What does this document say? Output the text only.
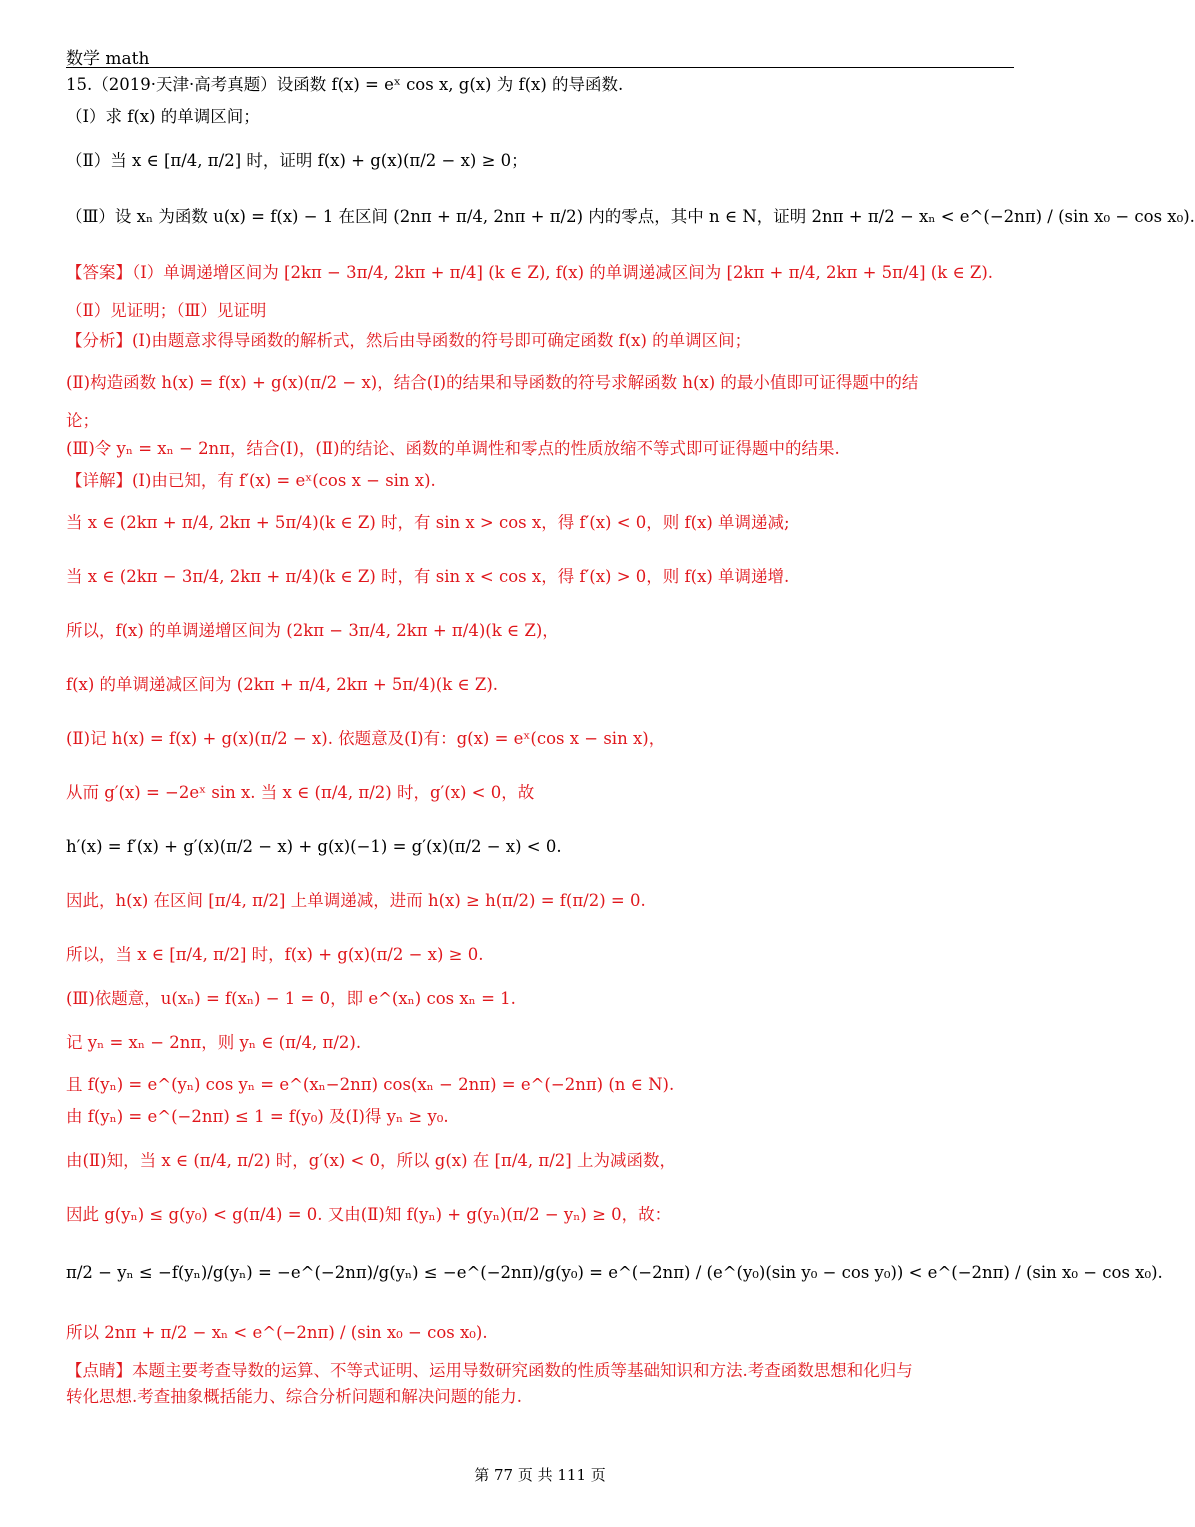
数学 math
15.（2019·天津·高考真题）设函数 f(x) = eˣ cos x, g(x) 为 f(x) 的导函数.
（Ⅰ）求 f(x) 的单调区间；
（Ⅱ）当 x ∈ [π/4, π/2] 时，证明 f(x) + g(x)(π/2 − x) ≥ 0；
（Ⅲ）设 xₙ 为函数 u(x) = f(x) − 1 在区间 (2nπ + π/4, 2nπ + π/2) 内的零点，其中 n ∈ N，证明 2nπ + π/2 − xₙ < e^(−2nπ) / (sin x₀ − cos x₀).
【答案】（Ⅰ）单调递增区间为 [2kπ − 3π/4, 2kπ + π/4] (k ∈ Z), f(x) 的单调递减区间为 [2kπ + π/4, 2kπ + 5π/4] (k ∈ Z).
（Ⅱ）见证明；（Ⅲ）见证明
【分析】(Ⅰ)由题意求得导函数的解析式，然后由导函数的符号即可确定函数 f(x) 的单调区间；
(Ⅱ)构造函数 h(x) = f(x) + g(x)(π/2 − x)，结合(Ⅰ)的结果和导函数的符号求解函数 h(x) 的最小值即可证得题中的结
论；
(Ⅲ)令 yₙ = xₙ − 2nπ，结合(Ⅰ)，(Ⅱ)的结论、函数的单调性和零点的性质放缩不等式即可证得题中的结果.
【详解】(Ⅰ)由已知，有 f′(x) = eˣ(cos x − sin x).
当 x ∈ (2kπ + π/4, 2kπ + 5π/4)(k ∈ Z) 时，有 sin x > cos x，得 f′(x) < 0，则 f(x) 单调递减;
当 x ∈ (2kπ − 3π/4, 2kπ + π/4)(k ∈ Z) 时，有 sin x < cos x，得 f′(x) > 0，则 f(x) 单调递增.
所以，f(x) 的单调递增区间为 (2kπ − 3π/4, 2kπ + π/4)(k ∈ Z)，
f(x) 的单调递减区间为 (2kπ + π/4, 2kπ + 5π/4)(k ∈ Z).
(Ⅱ)记 h(x) = f(x) + g(x)(π/2 − x). 依题意及(Ⅰ)有：g(x) = eˣ(cos x − sin x)，
从而 g′(x) = −2eˣ sin x. 当 x ∈ (π/4, π/2) 时，g′(x) < 0，故
h′(x) = f′(x) + g′(x)(π/2 − x) + g(x)(−1) = g′(x)(π/2 − x) < 0.
因此，h(x) 在区间 [π/4, π/2] 上单调递减，进而 h(x) ≥ h(π/2) = f(π/2) = 0.
所以，当 x ∈ [π/4, π/2] 时，f(x) + g(x)(π/2 − x) ≥ 0.
(Ⅲ)依题意，u(xₙ) = f(xₙ) − 1 = 0，即 e^(xₙ) cos xₙ = 1.
记 yₙ = xₙ − 2nπ，则 yₙ ∈ (π/4, π/2).
且 f(yₙ) = e^(yₙ) cos yₙ = e^(xₙ−2nπ) cos(xₙ − 2nπ) = e^(−2nπ) (n ∈ N).
由 f(yₙ) = e^(−2nπ) ≤ 1 = f(y₀) 及(Ⅰ)得 yₙ ≥ y₀.
由(Ⅱ)知，当 x ∈ (π/4, π/2) 时，g′(x) < 0，所以 g(x) 在 [π/4, π/2] 上为减函数，
因此 g(yₙ) ≤ g(y₀) < g(π/4) = 0. 又由(Ⅱ)知 f(yₙ) + g(yₙ)(π/2 − yₙ) ≥ 0，故：
π/2 − yₙ ≤ −f(yₙ)/g(yₙ) = −e^(−2nπ)/g(yₙ) ≤ −e^(−2nπ)/g(y₀) = e^(−2nπ) / (e^(y₀)(sin y₀ − cos y₀)) < e^(−2nπ) / (sin x₀ − cos x₀).
所以 2nπ + π/2 − xₙ < e^(−2nπ) / (sin x₀ − cos x₀).
【点睛】本题主要考查导数的运算、不等式证明、运用导数研究函数的性质等基础知识和方法.考查函数思想和化归与
转化思想.考查抽象概括能力、综合分析问题和解决问题的能力.
第 77 页 共 111 页
